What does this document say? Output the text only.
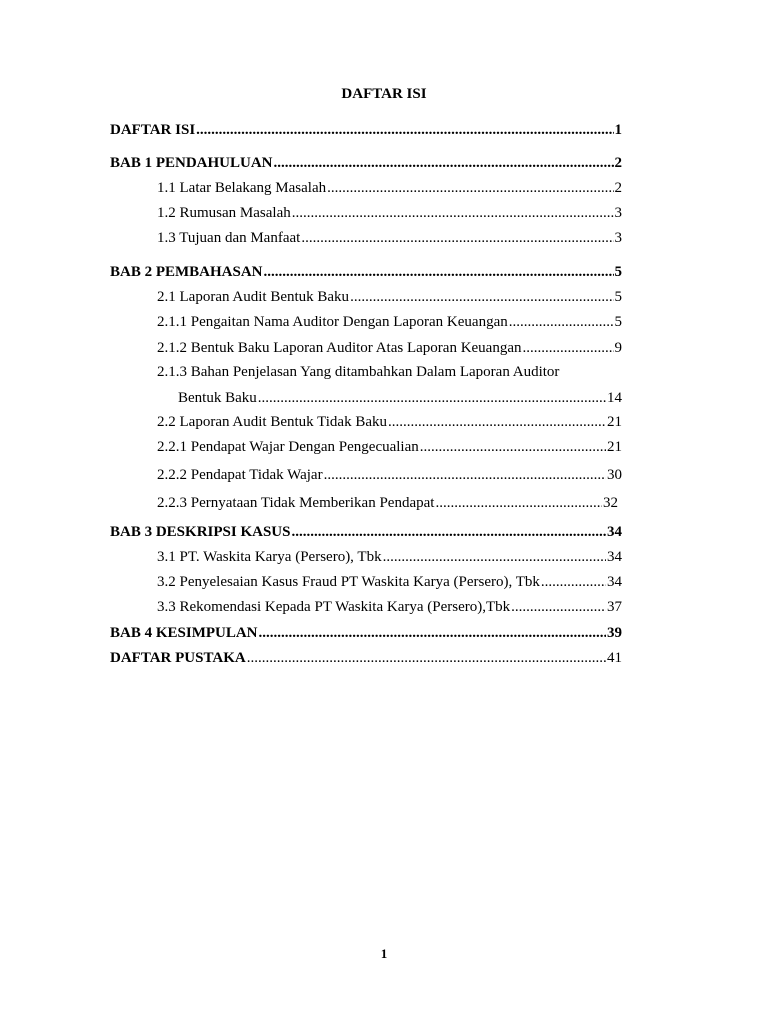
DAFTAR ISI
DAFTAR ISI .....	1
BAB 1 PENDAHULUAN .....	2
1.1 Latar Belakang Masalah .....	2
1.2 Rumusan Masalah .....	3
1.3 Tujuan dan Manfaat .....	3
BAB 2 PEMBAHASAN .....	5
2.1 Laporan Audit Bentuk Baku .....	5
2.1.1 Pengaitan Nama Auditor Dengan Laporan Keuangan .....	5
2.1.2 Bentuk Baku Laporan Auditor Atas Laporan Keuangan .....	9
2.1.3 Bahan Penjelasan Yang ditambahkan Dalam Laporan Auditor
Bentuk Baku .....	14
2.2 Laporan Audit Bentuk Tidak Baku .....	21
2.2.1 Pendapat Wajar Dengan Pengecualian .....	21
2.2.2 Pendapat Tidak Wajar .....	30
2.2.3 Pernyataan Tidak Memberikan Pendapat .....	32
BAB 3 DESKRIPSI KASUS .....	34
3.1 PT. Waskita Karya (Persero), Tbk .....	34
3.2 Penyelesaian Kasus Fraud PT Waskita Karya (Persero), Tbk .....	34
3.3 Rekomendasi Kepada PT Waskita Karya (Persero),Tbk .....	37
BAB 4 KESIMPULAN .....	39
DAFTAR PUSTAKA .....	41
1
